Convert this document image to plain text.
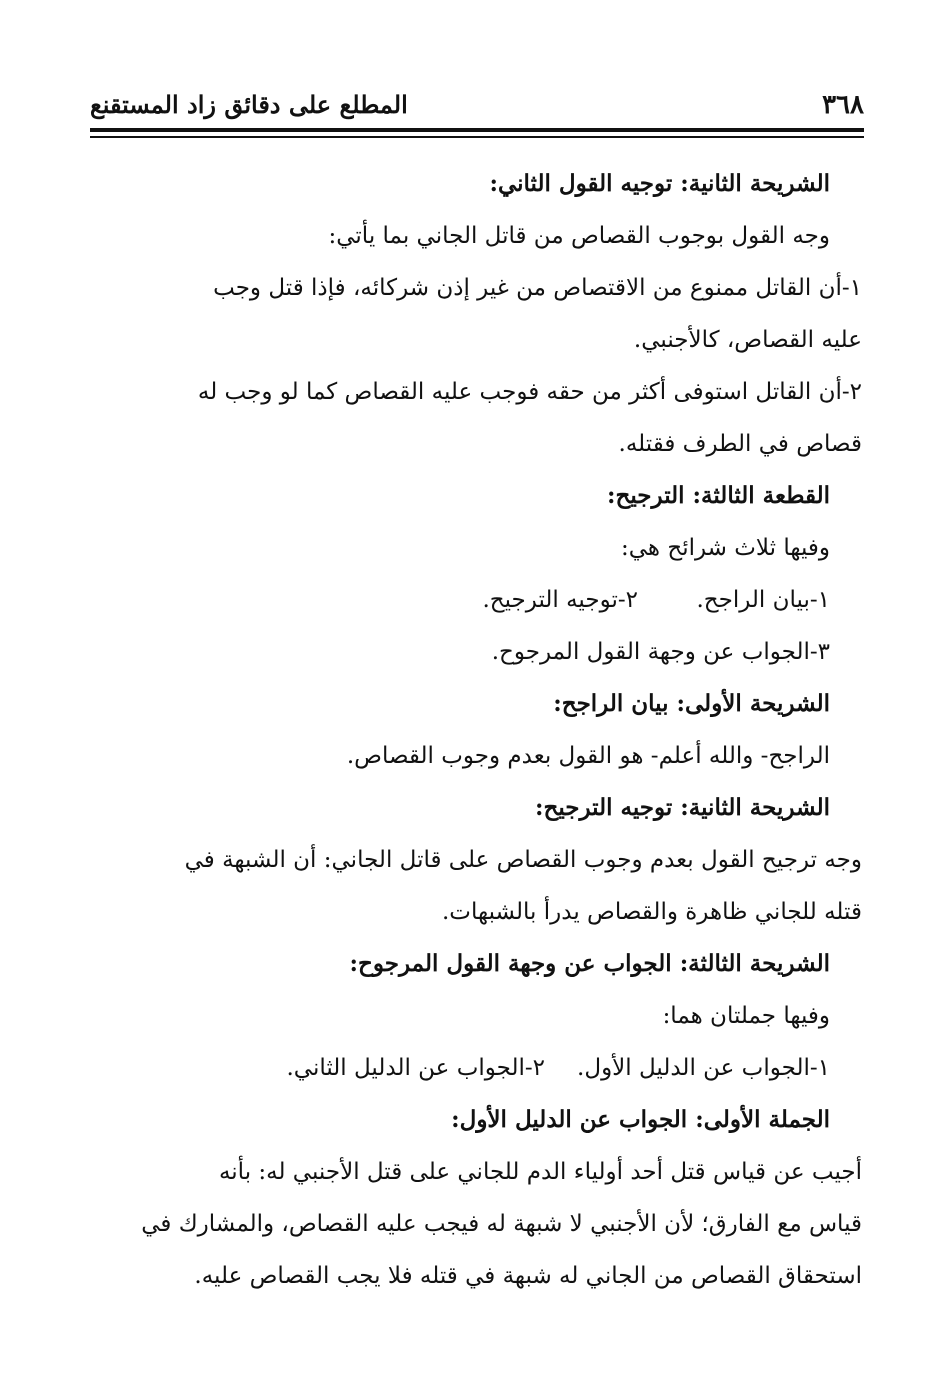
٣٦٨
المطلع على دقائق زاد المستقنع

الشريحة الثانية: توجيه القول الثاني:

وجه القول بوجوب القصاص من قاتل الجاني بما يأتي:

١-أن القاتل ممنوع من الاقتصاص من غير إذن شركائه، فإذا قتل وجب

عليه القصاص، كالأجنبي.

٢-أن القاتل استوفى أكثر من حقه فوجب عليه القصاص كما لو وجب له

قصاص في الطرف فقتله.

القطعة الثالثة: الترجيح:

وفيها ثلاث شرائح هي:

١-بيان الراجح.
٢-توجيه الترجيح.

٣-الجواب عن وجهة القول المرجوح.

الشريحة الأولى: بيان الراجح:

الراجح- والله أعلم- هو القول بعدم وجوب القصاص.

الشريحة الثانية: توجيه الترجيح:

وجه ترجيح القول بعدم وجوب القصاص على قاتل الجاني: أن الشبهة في

قتله للجاني ظاهرة والقصاص يدرأ بالشبهات.

الشريحة الثالثة: الجواب عن وجهة القول المرجوح:

وفيها جملتان هما:

١-الجواب عن الدليل الأول.
٢-الجواب عن الدليل الثاني.

الجملة الأولى: الجواب عن الدليل الأول:

أجيب عن قياس قتل أحد أولياء الدم للجاني على قتل الأجنبي له: بأنه

قياس مع الفارق؛ لأن الأجنبي لا شبهة له فيجب عليه القصاص، والمشارك في

استحقاق القصاص من الجاني له شبهة في قتله فلا يجب القصاص عليه.
